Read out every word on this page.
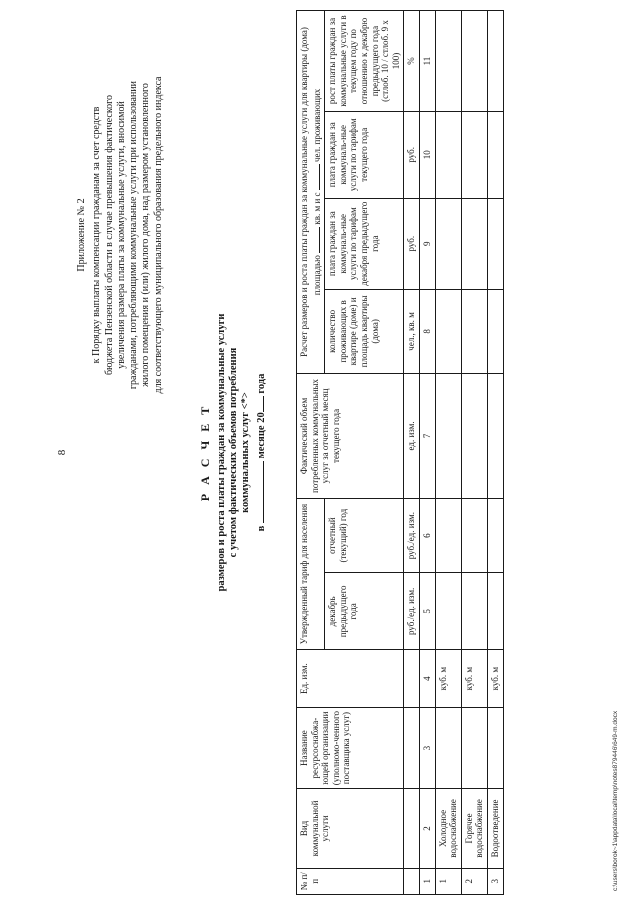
8
Приложение № 2 к Порядку выплаты компенсации гражданам за счет средств бюджета Пензенской области в случае превышения фактического увеличения размера платы за коммунальные услуги, вносимой гражданами, потребляющими коммунальные услуги при использовании жилого помещения и (или) жилого дома, над размером установленного для соответствующего муниципального образования предельного индекса
Р А С Ч Е Т размеров и роста платы граждан за коммунальные услуги с учетом фактических объемов потребления коммунальных услуг <*>
в  месяце 20 года
№ п/п	Вид коммунальной услуги	Название ресурсоснабжа-ющей организации (уполномо-ченного поставщика услуг)	Ед. изм.	Утвержденный тариф для населения		Фактический объем потребленных коммунальных услуг за отчетный месяц текущего года	Расчет размеров и роста платы граждан за коммунальные услуги для квартиры (дома) площадью  кв. м и с  чел. проживающих			
				декабрь предыдущего года	отчетный (текущий) год		количество проживающих в квартире (доме) и площадь квартиры (дома)	плата граждан за коммуналь-ные услуги по тарифам декабря предыдущего года	плата граждан за коммуналь-ные услуги по тарифам текущего года	рост платы граждан за коммунальные услуги в текущем году по отношению к декабрю предыдущего года (стлоб. 10 / стлоб. 9 х 100)
				руб./ед. изм.	руб./ед. изм.	ед. изм.	чел., кв. м	руб.	руб.	%
1	2	3	4	5	6	7	8	9	10	11
1	Холодное водоснабжение		куб. м							
2	Горячее водоснабжение		куб. м							
3	Водоотведение		куб. м							
c:\users\borok~1\appdata\local\temp\notes879446\649-m.docx
